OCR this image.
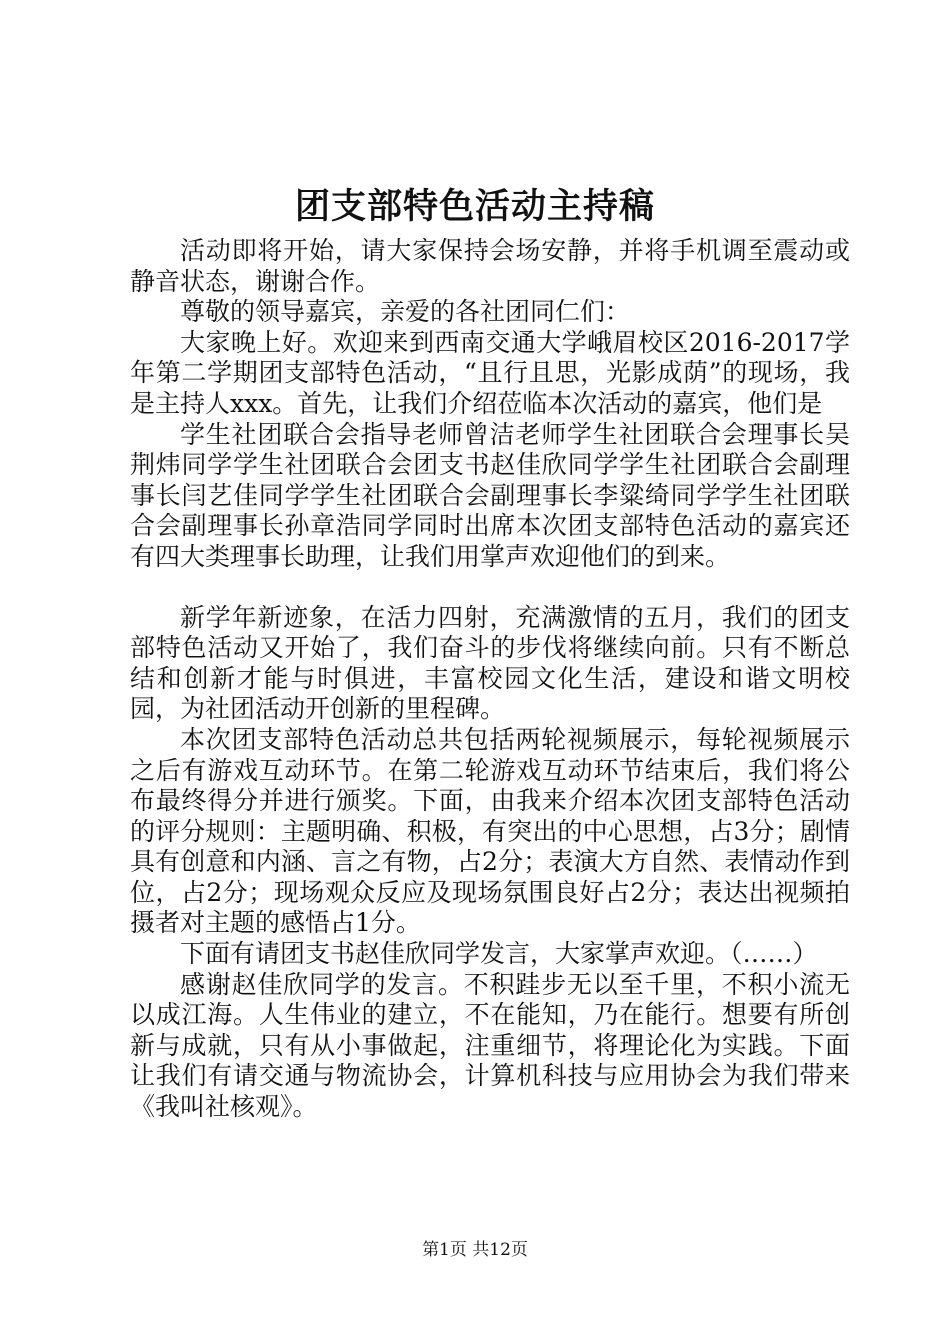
团支部特色活动主持稿

活动即将开始，请大家保持会场安静，并将手机调至震动或静音状态，谢谢合作。

尊敬的领导嘉宾，亲爱的各社团同仁们：

大家晚上好。欢迎来到西南交通大学峨眉校区2016-2017学年第二学期团支部特色活动，“且行且思，光影成荫”的现场，我是主持人xxx。首先，让我们介绍莅临本次活动的嘉宾，他们是

学生社团联合会指导老师曾洁老师学生社团联合会理事长吴荆炜同学学生社团联合会团支书赵佳欣同学学生社团联合会副理事长闫艺佳同学学生社团联合会副理事长李粱绮同学学生社团联合会副理事长孙章浩同学同时出席本次团支部特色活动的嘉宾还有四大类理事长助理，让我们用掌声欢迎他们的到来。

新学年新迹象，在活力四射，充满激情的五月，我们的团支部特色活动又开始了，我们奋斗的步伐将继续向前。只有不断总结和创新才能与时俱进，丰富校园文化生活，建设和谐文明校园，为社团活动开创新的里程碑。

本次团支部特色活动总共包括两轮视频展示，每轮视频展示之后有游戏互动环节。在第二轮游戏互动环节结束后，我们将公布最终得分并进行颁奖。下面，由我来介绍本次团支部特色活动的评分规则：主题明确、积极，有突出的中心思想，占3分；剧情具有创意和内涵、言之有物，占2分；表演大方自然、表情动作到位，占2分；现场观众反应及现场氛围良好占2分；表达出视频拍摄者对主题的感悟占1分。

下面有请团支书赵佳欣同学发言，大家掌声欢迎。（……）

感谢赵佳欣同学的发言。不积跬步无以至千里，不积小流无以成江海。人生伟业的建立，不在能知，乃在能行。想要有所创新与成就，只有从小事做起，注重细节，将理论化为实践。下面让我们有请交通与物流协会，计算机科技与应用协会为我们带来《我叫社核观》。

第1页 共12页
